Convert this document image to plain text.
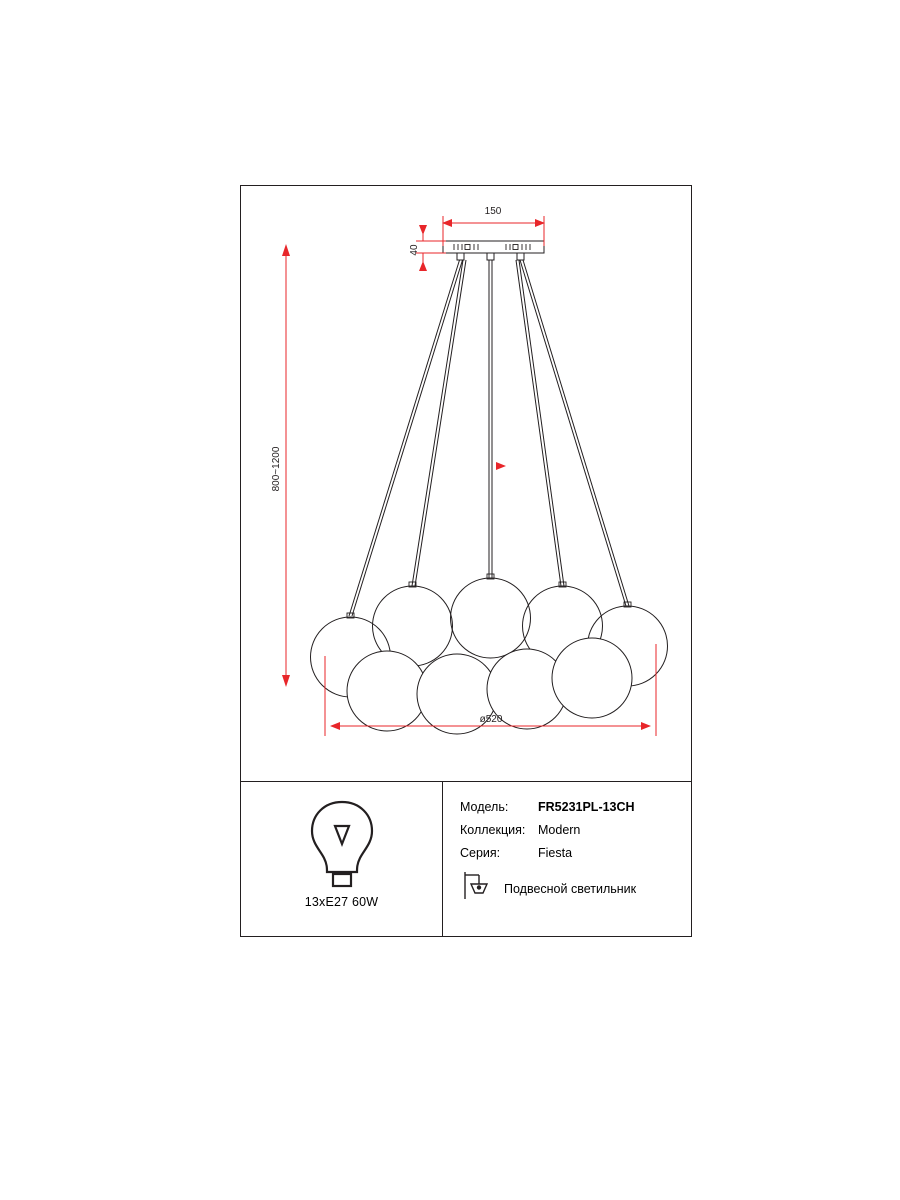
150
40
800~1200
ø520
13xE27 60W
Модель:	FR5231PL-13CH
Коллекция:	Modern
Серия:	Fiesta
Подвесной светильник
